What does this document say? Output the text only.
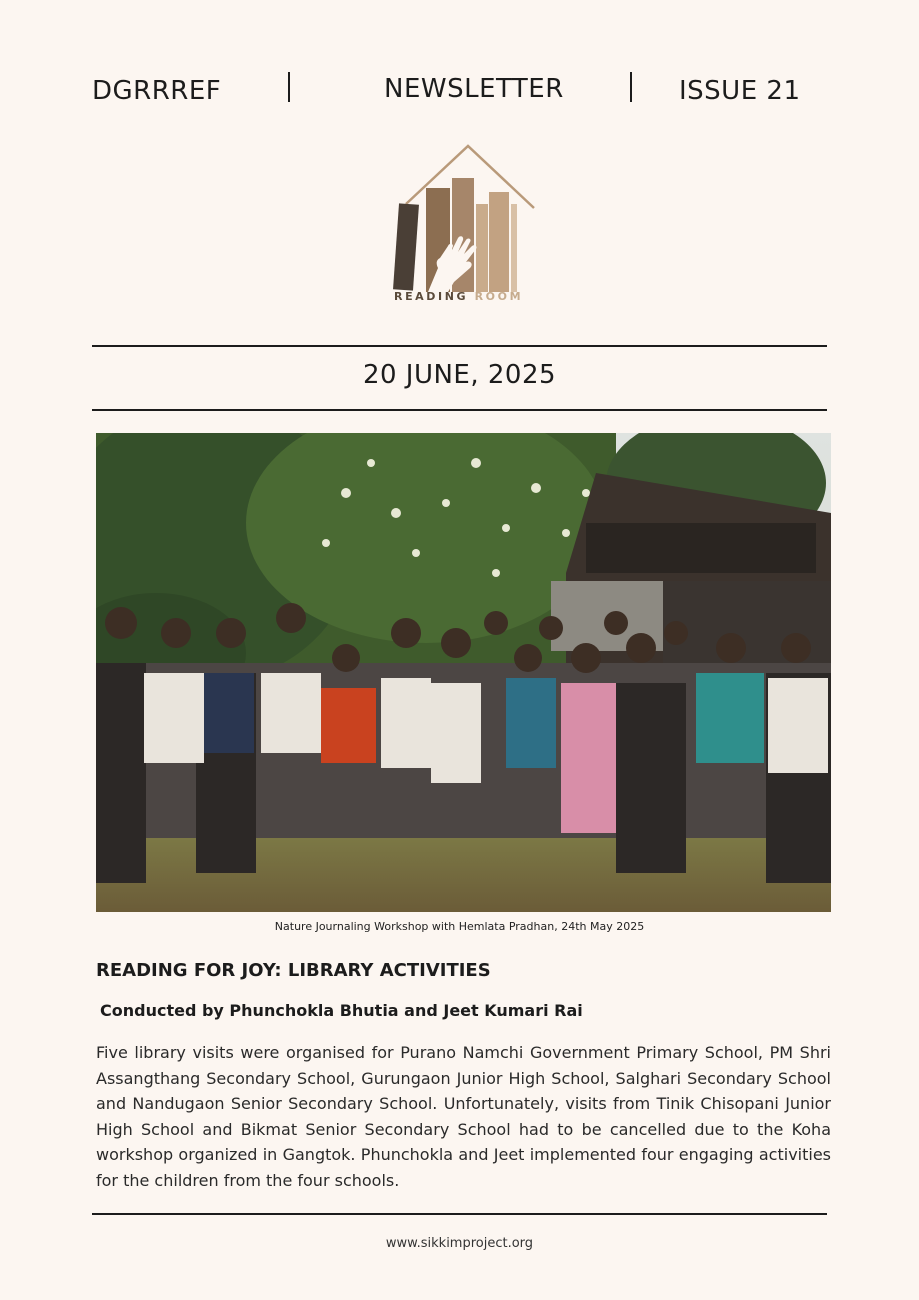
DGRRREF	NEWSLETTER	ISSUE 21
READING ROOM
20 JUNE, 2025
Nature Journaling Workshop with Hemlata Pradhan, 24th May 2025
READING FOR JOY: LIBRARY ACTIVITIES
Conducted by Phunchokla Bhutia and Jeet Kumari Rai
Five library visits were organised for Purano Namchi Government Primary School, PM Shri Assangthang Secondary School, Gurungaon Junior High School, Salghari Secondary School and Nandugaon Senior Secondary School. Unfortunately, visits from Tinik Chisopani Junior High School and Bikmat Senior Secondary School had to be cancelled due to the Koha workshop organized in Gangtok. Phunchokla and Jeet implemented four engaging activities for the children from the four schools.
www.sikkimproject.org
